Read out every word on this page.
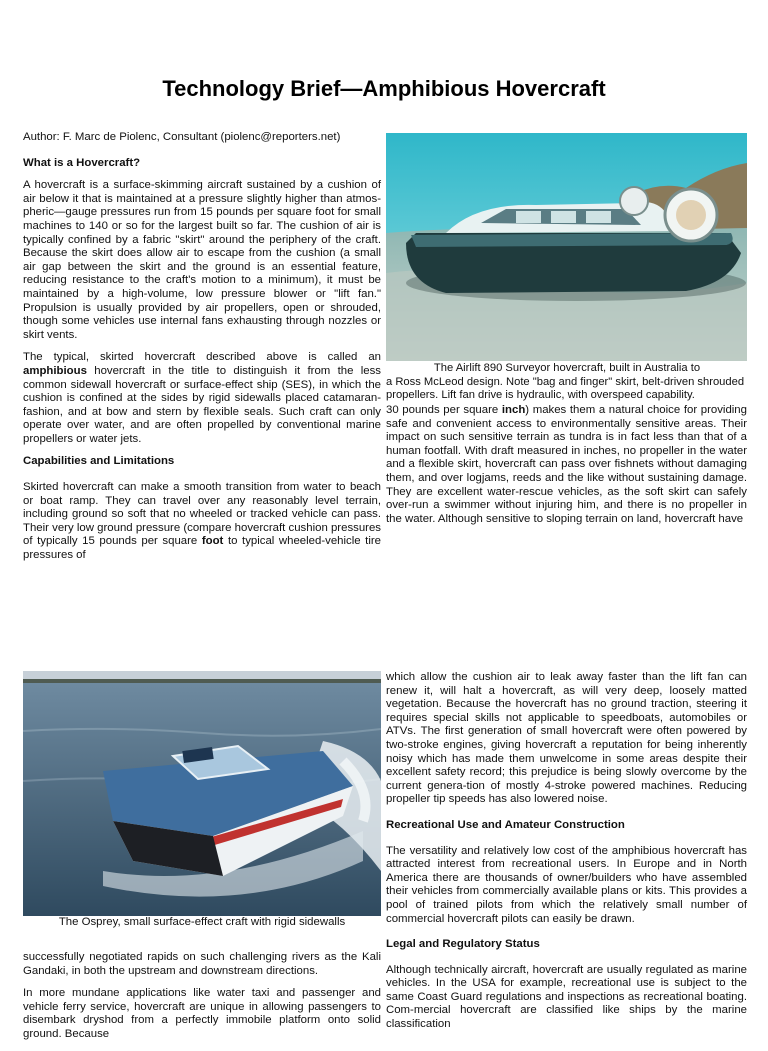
Technology Brief—Amphibious Hovercraft

Author: F. Marc de Piolenc, Consultant (piolenc@reporters.net)

What is a Hovercraft?

A hovercraft is a surface-skimming aircraft sustained by a cushion of air below it that is maintained at a pressure slightly higher than atmos-pheric—gauge pressures run from 15 pounds per square foot for small machines to 140 or so for the largest built so far. The cushion of air is typically confined by a fabric "skirt" around the periphery of the craft. Because the skirt does allow air to escape from the cushion (a small air gap between the skirt and the ground is an essential feature, reducing resistance to the craft's motion to a minimum), it must be maintained by a high-volume, low pressure blower or "lift fan." Propulsion is usually provided by air propellers, open or shrouded, though some vehicles use internal fans exhausting through nozzles or skirt vents.

The typical, skirted hovercraft described above is called an amphibious hovercraft in the title to distinguish it from the less common sidewall hovercraft or surface-effect ship (SES), in which the cushion is confined at the sides by rigid sidewalls placed catamaran-fashion, and at bow and stern by flexible seals. Such craft can only operate over water, and are often propelled by conventional marine propellers or water jets.

Capabilities and Limitations

Skirted hovercraft can make a smooth transition from water to beach or boat ramp. They can travel over any reasonably level terrain, including ground so soft that no wheeled or tracked vehicle can pass. Their very low ground pressure (compare hovercraft cushion pressures of typically 15 pounds per square foot to typical wheeled-vehicle tire pressures of

The Airlift 890 Surveyor hovercraft, built in Australia to
a Ross McLeod design. Note "bag and finger" skirt, belt-driven shrouded propellers. Lift fan drive is hydraulic, with overspeed capability.

30 pounds per square inch) makes them a natural choice for providing safe and convenient access to environmentally sensitive areas. Their impact on such sensitive terrain as tundra is in fact less than that of a human footfall. With draft measured in inches, no propeller in the water and a flexible skirt, hovercraft can pass over fishnets without damaging them, and over logjams, reeds and the like without sustaining damage. They are excellent water-rescue vehicles, as the soft skirt can safely over-run a swimmer without injuring him, and there is no propeller in the water. Although sensitive to sloping terrain on land, hovercraft have

The Osprey, small surface-effect craft with rigid sidewalls

successfully negotiated rapids on such challenging rivers as the Kali Gandaki, in both the upstream and downstream directions.

In more mundane applications like water taxi and passenger and vehicle ferry service, hovercraft are unique in allowing passengers to disembark dryshod from a perfectly immobile platform onto solid ground. Because

which allow the cushion air to leak away faster than the lift fan can renew it, will halt a hovercraft, as will very deep, loosely matted vegetation. Because the hovercraft has no ground traction, steering it requires special skills not applicable to speedboats, automobiles or ATVs. The first generation of small hovercraft were often powered by two-stroke engines, giving hovercraft a reputation for being inherently noisy which has made them unwelcome in some areas despite their excellent safety record; this prejudice is being slowly overcome by the current genera-tion of mostly 4-stroke powered machines. Reducing propeller tip speeds has also lowered noise.

Recreational Use and Amateur Construction

The versatility and relatively low cost of the amphibious hovercraft has attracted interest from recreational users. In Europe and in North America there are thousands of owner/builders who have assembled their vehicles from commercially available plans or kits. This provides a pool of trained pilots from which the relatively small number of commercial hovercraft pilots can easily be drawn.

Legal and Regulatory Status

Although technically aircraft, hovercraft are usually regulated as marine vehicles. In the USA for example, recreational use is subject to the same Coast Guard regulations and inspections as recreational boating. Com-mercial hovercraft are classified like ships by the marine classification
